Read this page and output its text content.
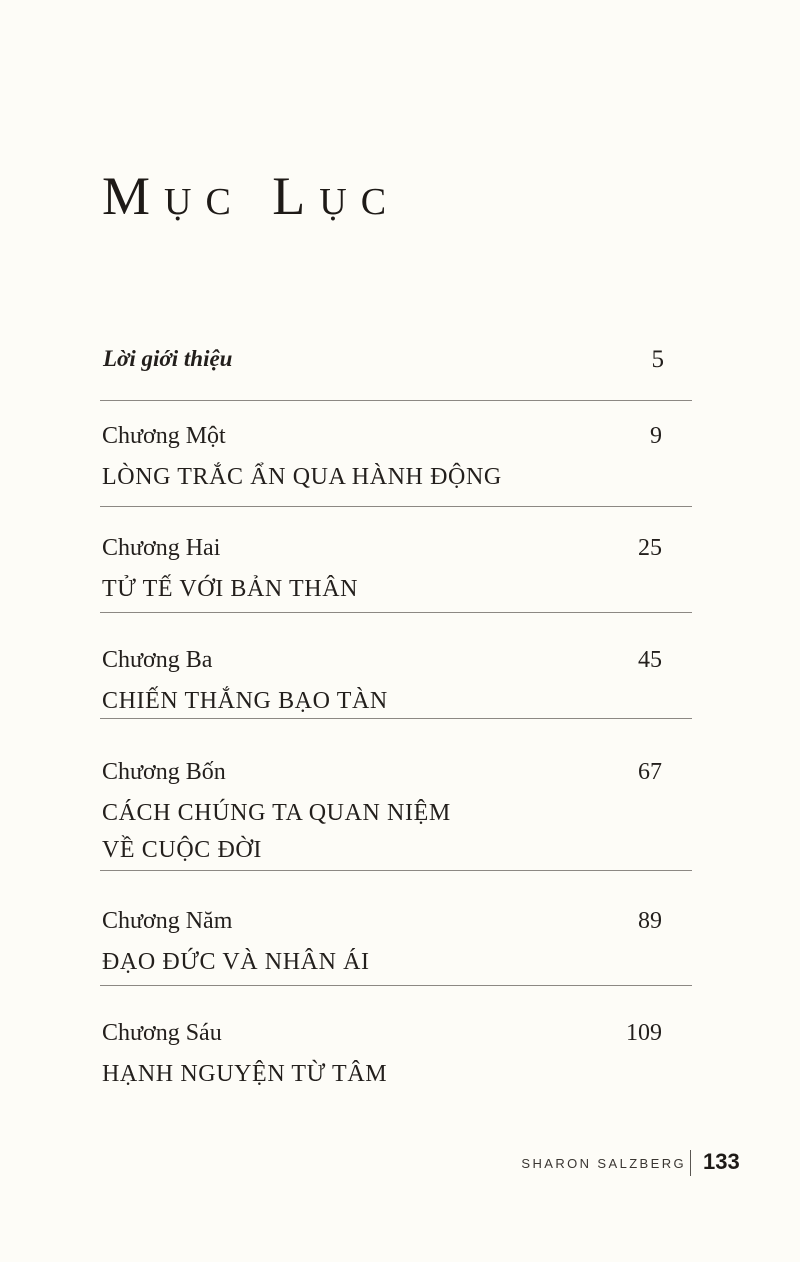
Mục Lục
Lời giới thiệu	5
Chương Một	9
LÒNG TRẮC ẨN QUA HÀNH ĐỘNG
Chương Hai	25
TỬ TẾ VỚI BẢN THÂN
Chương Ba	45
CHIẾN THẮNG BẠO TÀN
Chương Bốn	67
CÁCH CHÚNG TA QUAN NIỆM
VỀ CUỘC ĐỜI
Chương Năm	89
ĐẠO ĐỨC VÀ NHÂN ÁI
Chương Sáu	109
HẠNH NGUYỆN TỪ TÂM
SHARON SALZBERG 133
